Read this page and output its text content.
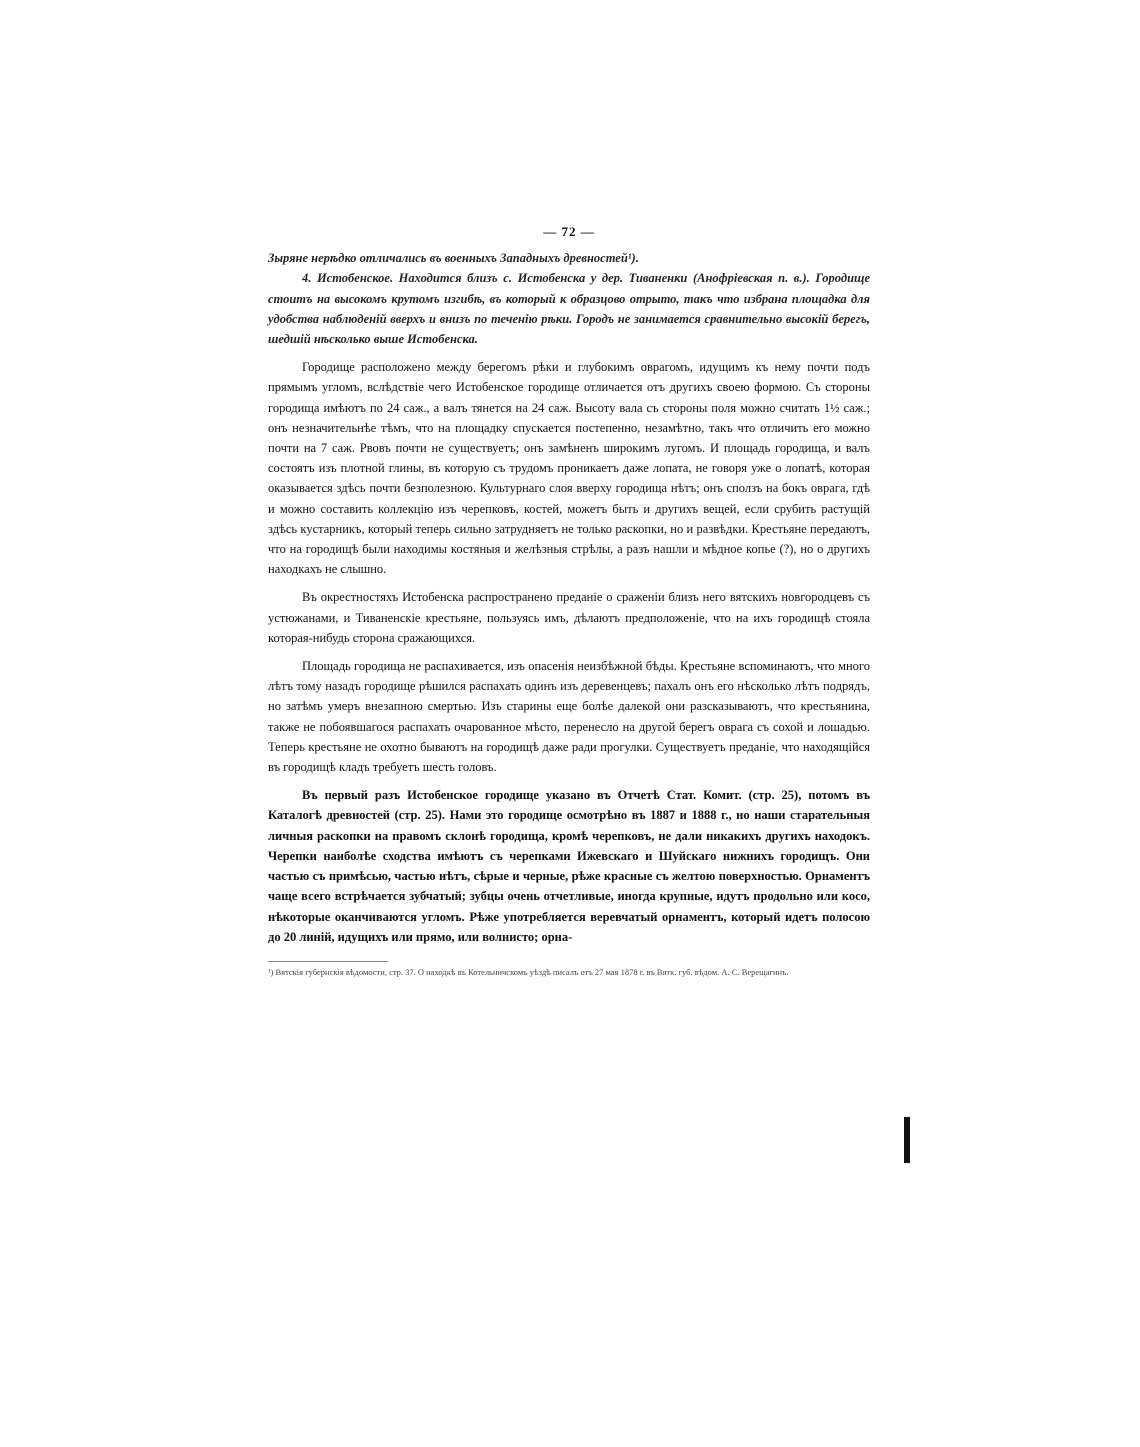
— 72 —

Зыряне нерѣдко отличались въ военныхъ Западныхъ древностей¹).

4. Истобенское. Находится близъ с. Истобенска у дер. Тиваненки (Анофріевская п. в.). Городище стоитъ на высокомъ крутомъ изгибѣ, въ который к образцово отрыто, такъ что избрана площадка для удобства наблюденій вверхъ и внизъ по теченію рѣки. Городъ не занимается сравнительно высокій берегъ, шедшій нѣсколько выше Истобенска.

Городище расположено между берегомъ рѣки и глубокимъ оврагомъ, идущимъ къ нему почти подъ прямымъ угломъ, вслѣдствіе чего Истобенское городище отличается отъ другихъ своею формою. Съ стороны городища имѣютъ по 24 саж., а валъ тянется на 24 саж. Высоту вала съ стороны поля можно считать 1½ саж.; онъ незначительнѣе тѣмъ, что на площадку спускается постепенно, незамѣтно, такъ что отличить его можно почти на 7 саж. Рвовъ почти не существуетъ; онъ замѣненъ широкимъ лугомъ. И площадь городища, и валъ состоятъ изъ плотной глины, въ которую съ трудомъ проникаетъ даже лопата, не говоря уже о лопатѣ, которая оказывается здѣсь почти безполезною. Культурнаго слоя вверху городища нѣтъ; онъ сползъ на бокъ оврага, гдѣ и можно составить коллекцію изъ черепковъ, костей, можетъ быть и другихъ вещей, если срубить растущій здѣсь кустарникъ, который теперь сильно затрудняетъ не только раскопки, но и развѣдки. Крестьяне передаютъ, что на городищѣ были находимы костяныя и желѣзныя стрѣлы, а разъ нашли и мѣдное копье (?), но о другихъ находкахъ не слышно.

Въ окрестностяхъ Истобенска распространено преданіе о сраженіи близъ него вятскихъ новгородцевъ съ устюжанами, и Тиваненскіе крестьяне, пользуясь имъ, дѣлаютъ предположеніе, что на ихъ городищѣ стояла которая-нибудь сторона сражающихся.

Площадь городища не распахивается, изъ опасенія неизбѣжной бѣды. Крестьяне вспоминаютъ, что много лѣтъ тому назадъ городище рѣшился распахать одинъ изъ деревенцевъ; пахалъ онъ его нѣсколько лѣтъ подрядъ, но затѣмъ умеръ внезапною смертью. Изъ старины еще болѣе далекой они разсказываютъ, что крестьянина, также не побоявшагося распахать очарованное мѣсто, перенесло на другой берегъ оврага съ сохой и лошадью. Теперь крестьяне не охотно бываютъ на городищѣ даже ради прогулки. Существуетъ преданіе, что находящійся въ городищѣ кладъ требуетъ шесть головъ.

Въ первый разъ Истобенское городище указано въ Отчетѣ Стат. Комит. (стр. 25), потомъ въ Каталогѣ древностей (стр. 25). Нами это городище осмотрѣно въ 1887 и 1888 г., но наши старательныя личныя раскопки на правомъ склонѣ городища, кромѣ черепковъ, не дали никакихъ другихъ находокъ. Черепки наиболѣе сходства имѣютъ съ черепками Ижевскаго и Шуйскаго нижнихъ городищъ. Они частью съ примѣсью, частью нѣтъ, сѣрые и черные, рѣже красные съ желтою поверхностью. Орнаментъ чаще всего встрѣчается зубчатый; зубцы очень отчетливые, иногда крупные, идутъ продольно или косо, нѣкоторые оканчиваются угломъ. Рѣже употребляется веревчатый орнаментъ, который идетъ полосою до 20 линій, идущихъ или прямо, или волнисто; орна-

¹) Вятскія губернскія вѣдомости, стр. 37. О находкѣ въ Котельничскомъ уѣздѣ писалъ отъ 27 мая 1878 г. въ Вятк. губ. вѣдом. А. С. Верещагинъ.
